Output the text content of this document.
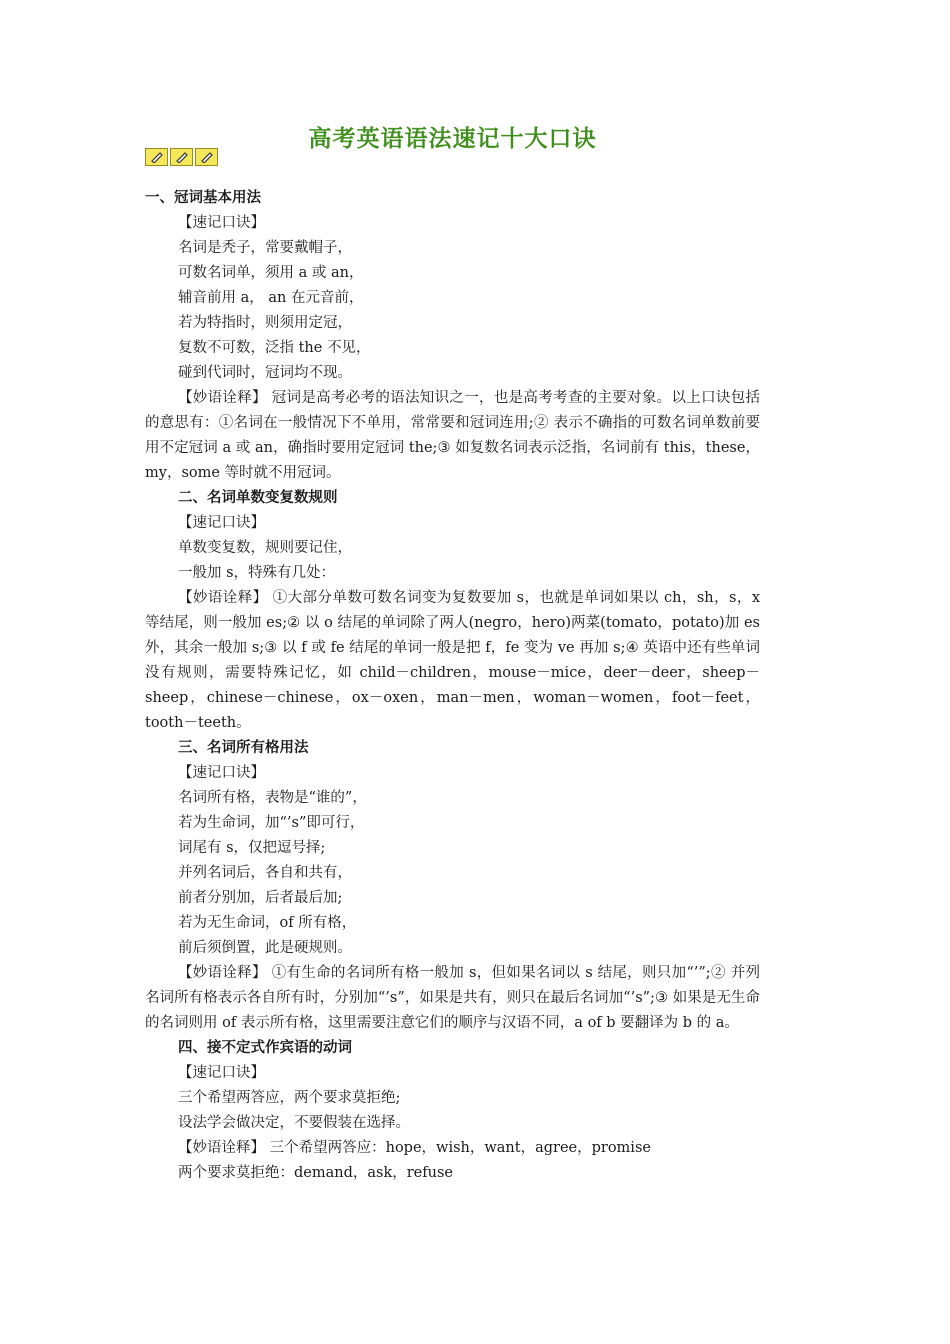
高考英语语法速记十大口诀
一、冠词基本用法
【速记口诀】
名词是秃子，常要戴帽子，
可数名词单，须用 a 或 an，
辅音前用 a， an 在元音前，
若为特指时，则须用定冠，
复数不可数，泛指 the 不见，
碰到代词时，冠词均不现。
【妙语诠释】 冠词是高考必考的语法知识之一，也是高考考查的主要对象。以上口诀包括的意思有：①名词在一般情况下不单用，常常要和冠词连用;② 表示不确指的可数名词单数前要用不定冠词 a 或 an，确指时要用定冠词 the;③ 如复数名词表示泛指，名词前有 this，these，my，some 等时就不用冠词。
二、名词单数变复数规则
【速记口诀】
单数变复数，规则要记住，
一般加 s，特殊有几处：
【妙语诠释】 ①大部分单数可数名词变为复数要加 s，也就是单词如果以 ch，sh，s，x 等结尾，则一般加 es;② 以 o 结尾的单词除了两人(negro，hero)两菜(tomato，potato)加 es 外，其余一般加 s;③ 以 f 或 fe 结尾的单词一般是把 f，fe 变为 ve 再加 s;④ 英语中还有些单词没有规则，需要特殊记忆，如 child－children，mouse－mice，deer－deer，sheep－sheep，chinese－chinese，ox－oxen，man－men，woman－women，foot－feet，tooth－teeth。
三、名词所有格用法
【速记口诀】
名词所有格，表物是“谁的”，
若为生命词，加“’s”即可行，
词尾有 s，仅把逗号择;
并列名词后，各自和共有，
前者分别加，后者最后加;
若为无生命词，of 所有格，
前后须倒置，此是硬规则。
【妙语诠释】 ①有生命的名词所有格一般加 s，但如果名词以 s 结尾，则只加“’”;② 并列名词所有格表示各自所有时，分别加“’s”，如果是共有，则只在最后名词加“’s”;③ 如果是无生命的名词则用 of 表示所有格，这里需要注意它们的顺序与汉语不同，a of b 要翻译为 b 的 a。
四、接不定式作宾语的动词
【速记口诀】
三个希望两答应，两个要求莫拒绝;
设法学会做决定，不要假装在选择。
【妙语诠释】 三个希望两答应：hope，wish，want，agree，promise
两个要求莫拒绝：demand，ask，refuse
